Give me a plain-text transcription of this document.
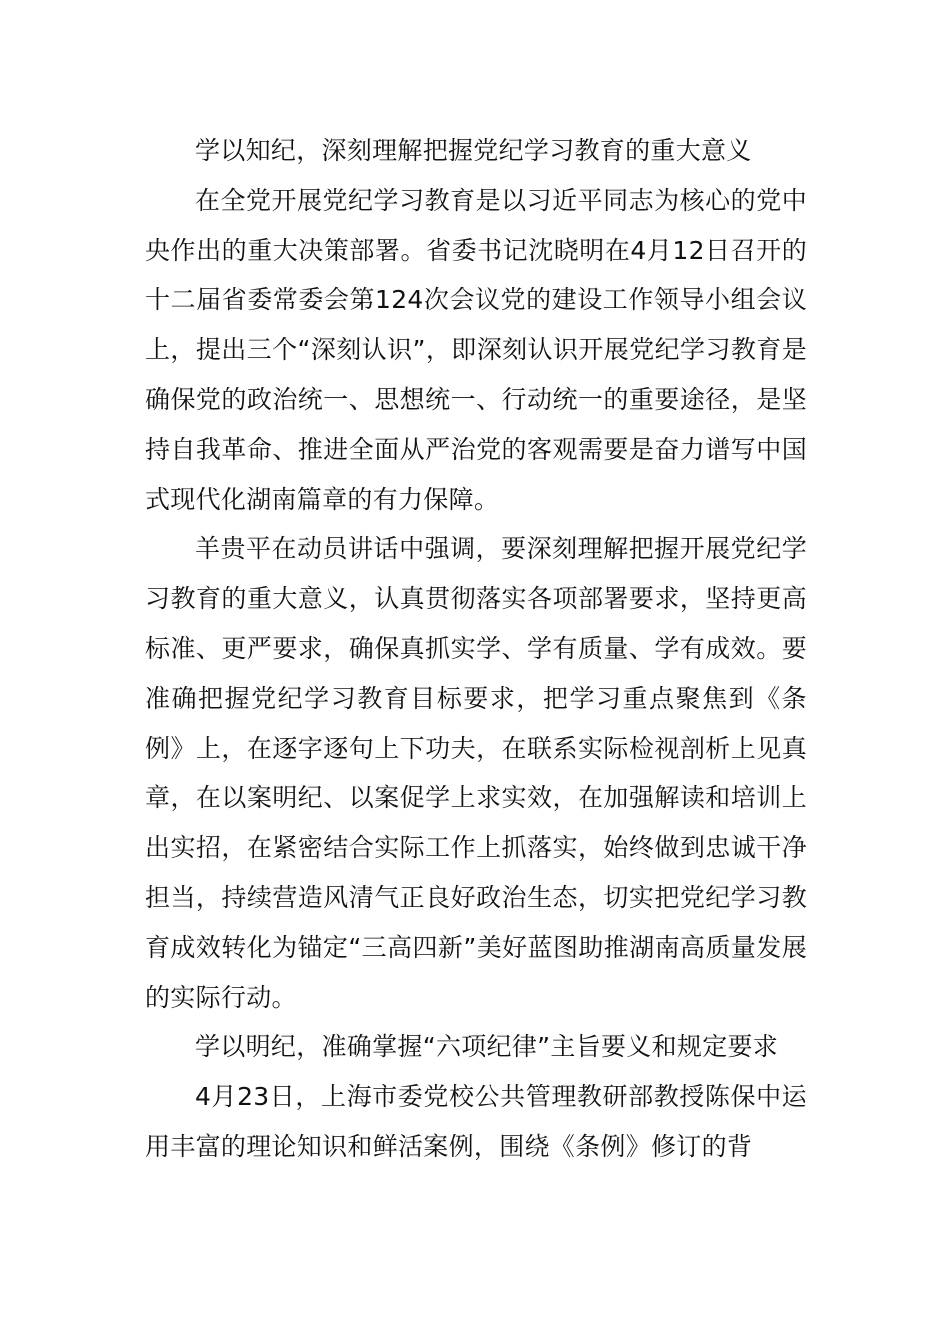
学以知纪，深刻理解把握党纪学习教育的重大意义

在全党开展党纪学习教育是以习近平同志为核心的党中央作出的重大决策部署。省委书记沈晓明在4月12日召开的十二届省委常委会第124次会议党的建设工作领导小组会议上，提出三个“深刻认识”，即深刻认识开展党纪学习教育是确保党的政治统一、思想统一、行动统一的重要途径，是坚持自我革命、推进全面从严治党的客观需要是奋力谱写中国式现代化湖南篇章的有力保障。

羊贵平在动员讲话中强调，要深刻理解把握开展党纪学习教育的重大意义，认真贯彻落实各项部署要求，坚持更高标准、更严要求，确保真抓实学、学有质量、学有成效。要准确把握党纪学习教育目标要求，把学习重点聚焦到《条例》上，在逐字逐句上下功夫，在联系实际检视剖析上见真章，在以案明纪、以案促学上求实效，在加强解读和培训上出实招，在紧密结合实际工作上抓落实，始终做到忠诚干净担当，持续营造风清气正良好政治生态，切实把党纪学习教育成效转化为锚定“三高四新”美好蓝图助推湖南高质量发展的实际行动。

学以明纪，准确掌握“六项纪律”主旨要义和规定要求

4月23日，上海市委党校公共管理教研部教授陈保中运用丰富的理论知识和鲜活案例，围绕《条例》修订的背
